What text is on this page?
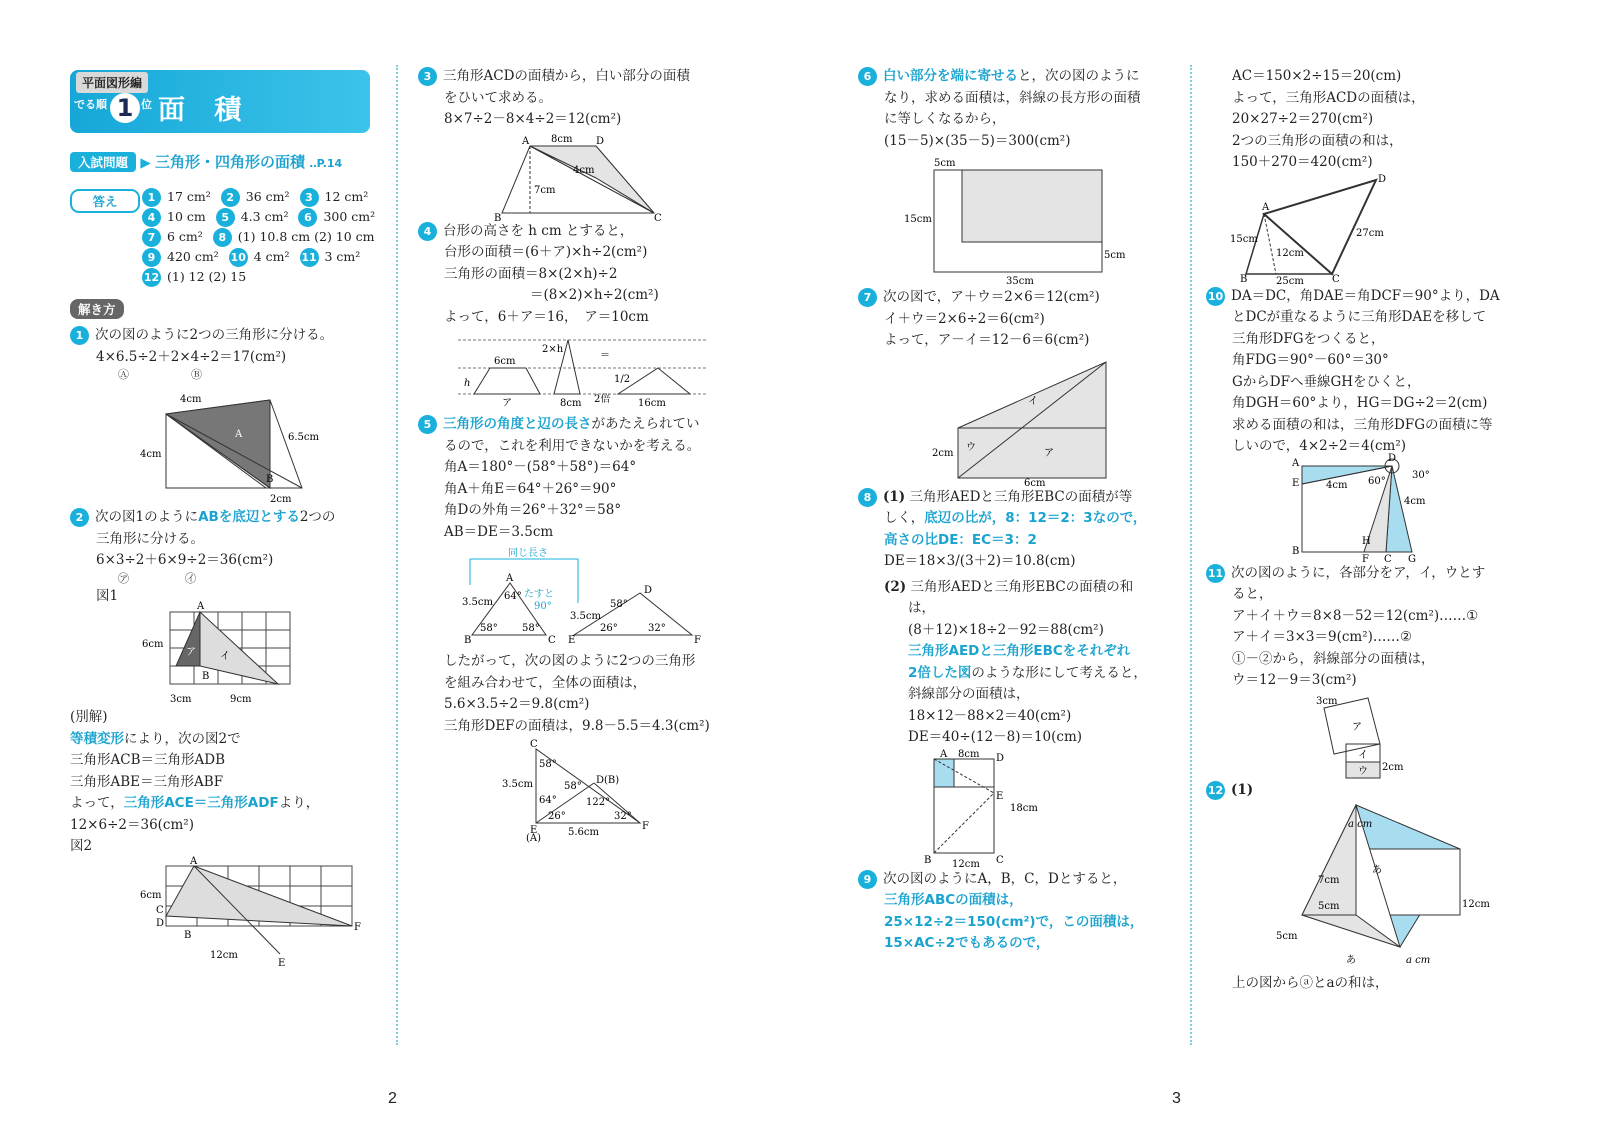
平面図形編
でる順 1 位 面 積
入試問題 ▶ 三角形・四角形の面積 ‥P.14
答え	1 17 cm² 2 36 cm² 3 12 cm²
4 10 cm 5 4.3 cm² 6 300 cm²
7 6 cm² 8 (1) 10.8 cm (2) 10 cm
9 420 cm² 10 4 cm² 11 3 cm²
12 (1) 12 (2) 15
解き方
1 次の図のように2つの三角形に分ける。
4×6.5÷2＋2×4÷2＝17(cm²)
Ⓐ	Ⓑ
4cm
6.5cm
4cm
2cm
A
B
2 次の図1のようにABを底辺とする2つの
三角形に分ける。
6×3÷2＋6×9÷2＝36(cm²)
㋐	㋑
図1
A
B
6cm
3cm	9cm
ア イ
(別解)
等積変形により，次の図2で
三角形ACB＝三角形ADB
三角形ABE＝三角形ABF
よって，三角形ACE＝三角形ADFより，
12×6÷2＝36(cm²)
図2
A
C
D
B
F
E
6cm
12cm
3 三角形ACDの面積から，白い部分の面積
をひいて求める。
8×7÷2－8×4÷2＝12(cm²)
A	D
B	C
8cm
7cm
4cm
4 台形の高さを h cm とすると，
台形の面積＝(6＋ア)×h÷2(cm²)
三角形の面積＝8×(2×h)÷2
＝(8×2)×h÷2(cm²)
よって，6＋ア＝16，　ア＝10cm
6cm
h
ア
2×h
8cm 2倍
＝
1/2
16cm
5 三角形の角度と辺の長さがあたえられてい
るので，これを利用できないかを考える。
角A＝180°－(58°＋58°)＝64°
角A＋角E＝64°＋26°＝90°
角Dの外角＝26°＋32°＝58°
AB＝DE＝3.5cm
同じ長さ
A
B	C
D
E	F
3.5cm
3.5cm
64°
58° 58°
58°
26°	32°
たすと
90°
したがって，次の図のように2つの三角形
を組み合わせて，全体の面積は，
5.6×3.5÷2＝9.8(cm²)
三角形DEFの面積は，9.8－5.5＝4.3(cm²)
C
D(B)
E
(A)
F
3.5cm
5.6cm
58°
58°
64°
26°
122°
32°
6 白い部分を端に寄せると，次の図のように
なり，求める面積は，斜線の長方形の面積
に等しくなるから，
(15－5)×(35－5)＝300(cm²)
5cm
15cm
5cm
35cm
7 次の図で，ア＋ウ＝2×6＝12(cm²)
イ＋ウ＝2×6÷2＝6(cm²)
よって，ア－イ＝12－6＝6(cm²)
イ
ウ
ア
2cm
6cm
8 (1) 三角形AEDと三角形EBCの面積が等
しく，底辺の比が，8：12＝2：3なので，
高さの比DE：EC＝3：2
DE＝18×3/(3＋2)＝10.8(cm)
(2) 三角形AEDと三角形EBCの面積の和
は，
(8＋12)×18÷2－92＝88(cm²)
三角形AEDと三角形EBCをそれぞれ
2倍した図のような形にして考えると，
斜線部分の面積は，
18×12－88×2＝40(cm²)
DE＝40÷(12－8)＝10(cm)
A	D
E
B	C
8cm
18cm
12cm
9 次の図のようにA，B，C，Dとすると，
三角形ABCの面積は，
25×12÷2＝150(cm²)で，この面積は，
15×AC÷2でもあるので，
AC＝150×2÷15＝20(cm)
よって，三角形ACDの面積は，
20×27÷2＝270(cm²)
2つの三角形の面積の和は，
150＋270＝420(cm²)
A
B	C
D
15cm
12cm
25cm
27cm
10 DA＝DC，角DAE＝角DCF＝90°より，DA
とDCが重なるように三角形DAEを移して
三角形DFGをつくると，
角FDG＝90°－60°＝30°
GからDFへ垂線GHをひくと，
角DGH＝60°より，HG＝DG÷2＝2(cm)
求める面積の和は，三角形DFGの面積に等
しいので，4×2÷2＝4(cm²)
A	D
E
B
H
F C G
4cm 60°
30°
4cm
11 次の図のように，各部分をア，イ，ウとす
ると，
ア＋イ＋ウ＝8×8－52＝12(cm²)……①
ア＋イ＝3×3＝9(cm²)……②
①－②から，斜線部分の面積は，
ウ＝12－9＝3(cm²)
3cm
ア
イ
ウ 2cm
12 (1)
a cm
7cm
5cm
5cm
12cm
あ
あ	a cm
上の図からⓐとaの和は，
2	3
